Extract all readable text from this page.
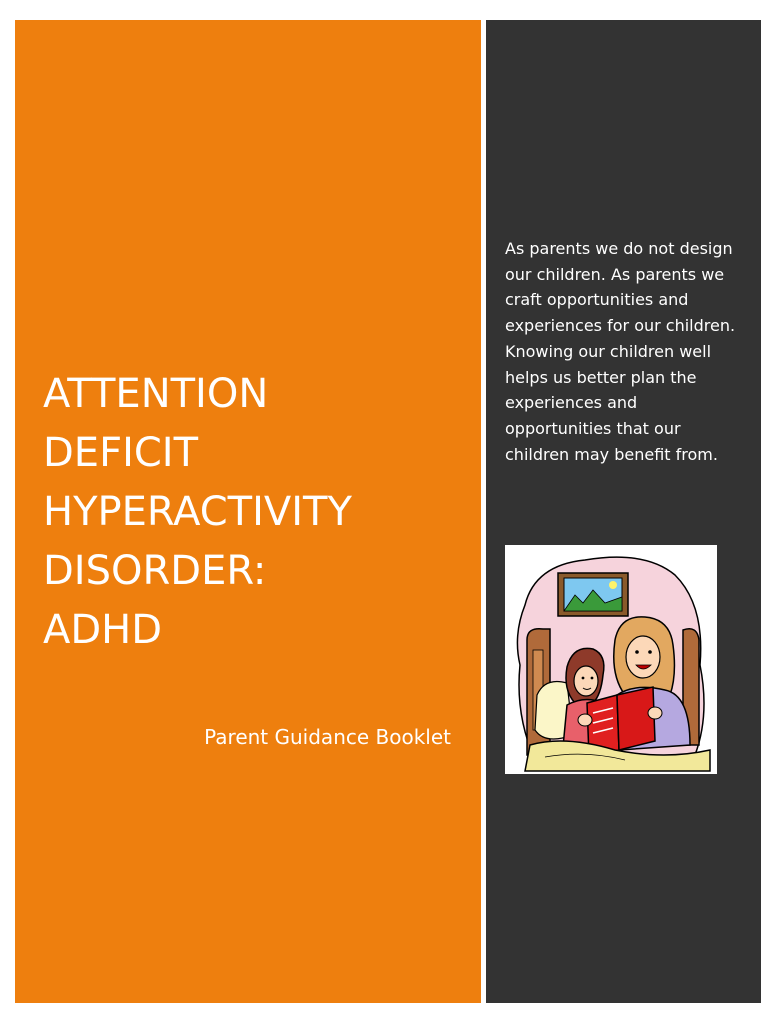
ATTENTION
DEFICIT
HYPERACTIVITY
DISORDER:
ADHD
Parent Guidance Booklet

As parents we do not design our children. As parents we craft opportunities and experiences for our children.

Knowing our children well helps us better plan the experiences and opportunities that our children may benefit from.
